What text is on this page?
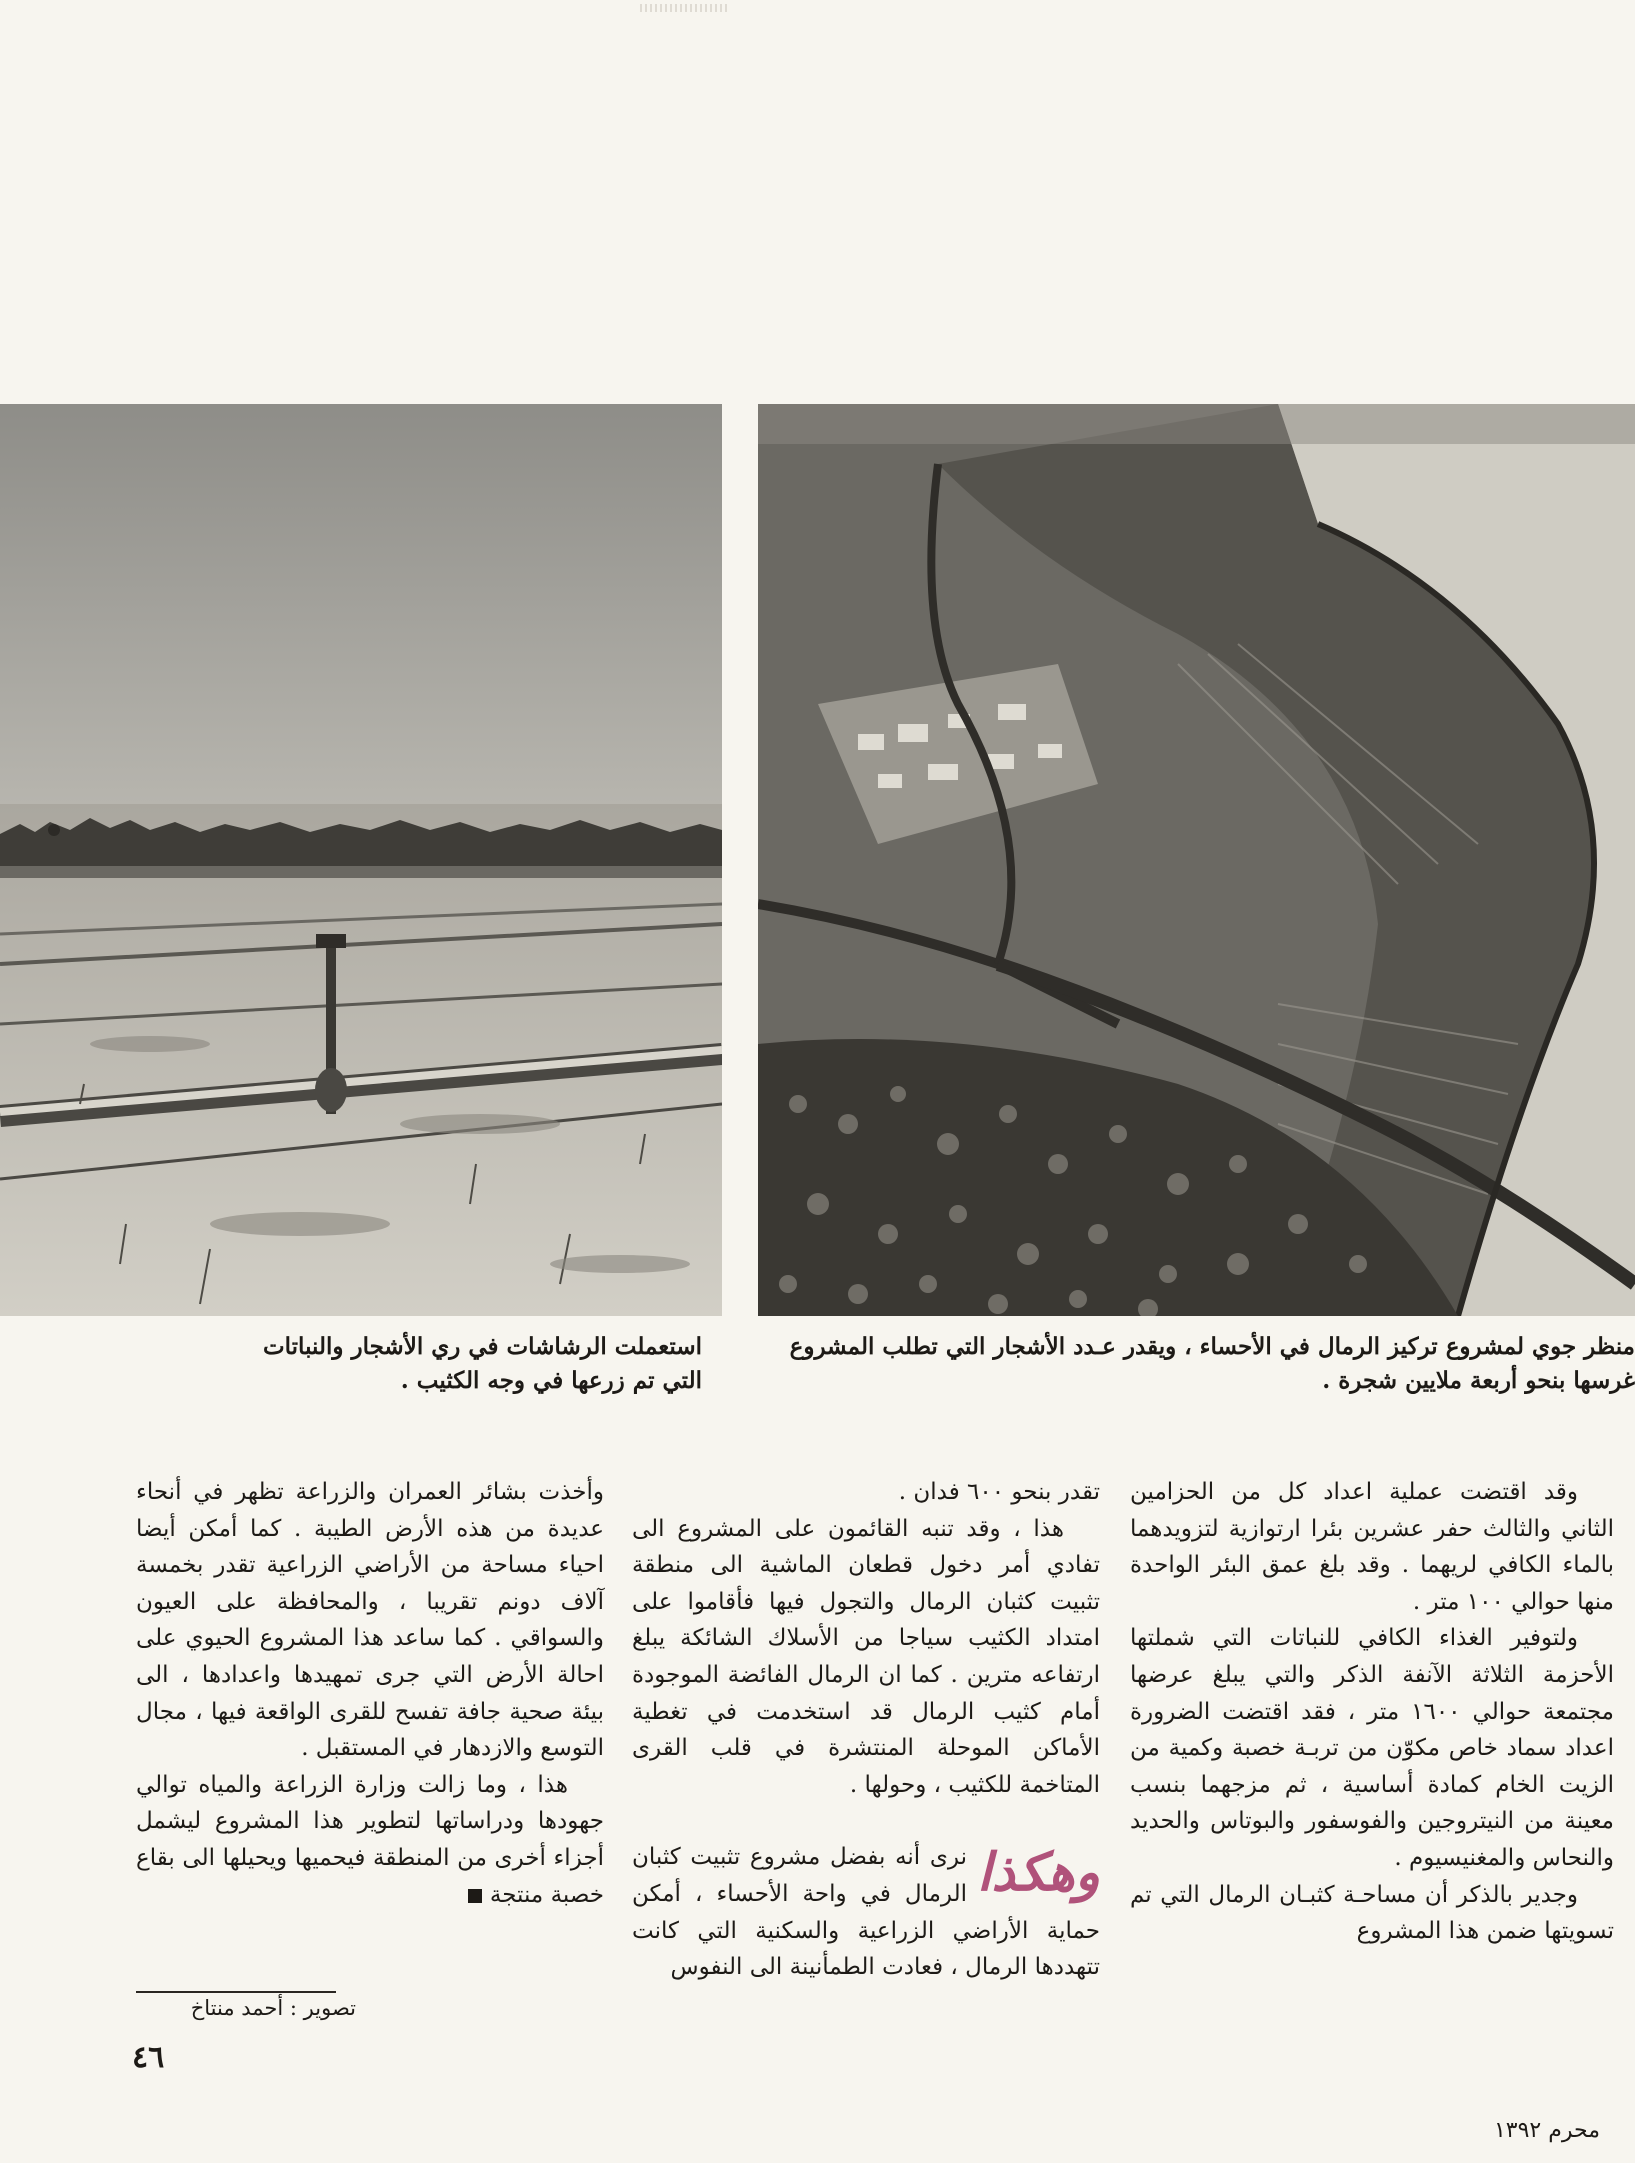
منظر جوي لمشروع تركيز الرمال في الأحساء ، ويقدر عـدد الأشجار التي تطلب المشروع غرسها بنحو أربعة ملايين شجرة .
استعملت الرشاشات في ري الأشجار والنباتات التي تم زرعها في وجه الكثيب .

وقد اقتضت عملية اعداد كل من الحزامين الثاني والثالث حفر عشرين بئرا ارتوازية لتزويدهما بالماء الكافي لريهما . وقد بلغ عمق البئر الواحدة منها حوالي ١٠٠ متر .

ولتوفير الغذاء الكافي للنباتات التي شملتها الأحزمة الثلاثة الآنفة الذكر والتي يبلغ عرضها مجتمعة حوالي ١٦٠٠ متر ، فقد اقتضت الضرورة اعداد سماد خاص مكوّن من تربـة خصبة وكمية من الزيت الخام كمادة أساسية ، ثم مزجهما بنسب معينة من النيتروجين والفوسفور والبوتاس والحديد والنحاس والمغنيسيوم .

وجدير بالذكر أن مساحـة كثبـان الرمال التي تم تسويتها ضمن هذا المشروع

تقدر بنحو ٦٠٠ فدان .

هذا ، وقد تنبه القائمون على المشروع الى تفادي أمر دخول قطعان الماشية الى منطقة تثبيت كثبان الرمال والتجول فيها فأقاموا على امتداد الكثيب سياجا من الأسلاك الشائكة يبلغ ارتفاعه مترين . كما ان الرمال الفائضة الموجودة أمام كثيب الرمال قد استخدمت في تغطية الأماكن الموحلة المنتشرة في قلب القرى المتاخمة للكثيب ، وحولها .

وهكذا
نرى أنه بفضل مشروع تثبيت كثبان الرمال في واحة الأحساء ، أمكن حماية الأراضي الزراعية والسكنية التي كانت تتهددها الرمال ، فعادت الطمأنينة الى النفوس

وأخذت بشائر العمران والزراعة تظهر في أنحاء عديدة من هذه الأرض الطيبة . كما أمكن أيضا احياء مساحة من الأراضي الزراعية تقدر بخمسة آلاف دونم تقريبا ، والمحافظة على العيون والسواقي . كما ساعد هذا المشروع الحيوي على احالة الأرض التي جرى تمهيدها واعدادها ، الى بيئة صحية جافة تفسح للقرى الواقعة فيها ، مجال التوسع والازدهار في المستقبل .

هذا ، وما زالت وزارة الزراعة والمياه توالي جهودها ودراساتها لتطوير هذا المشروع ليشمل أجزاء أخرى من المنطقة فيحميها ويحيلها الى بقاع خصبة منتجة

تصوير : أحمد منتاخ
٤٦
محرم ١٣٩٢
